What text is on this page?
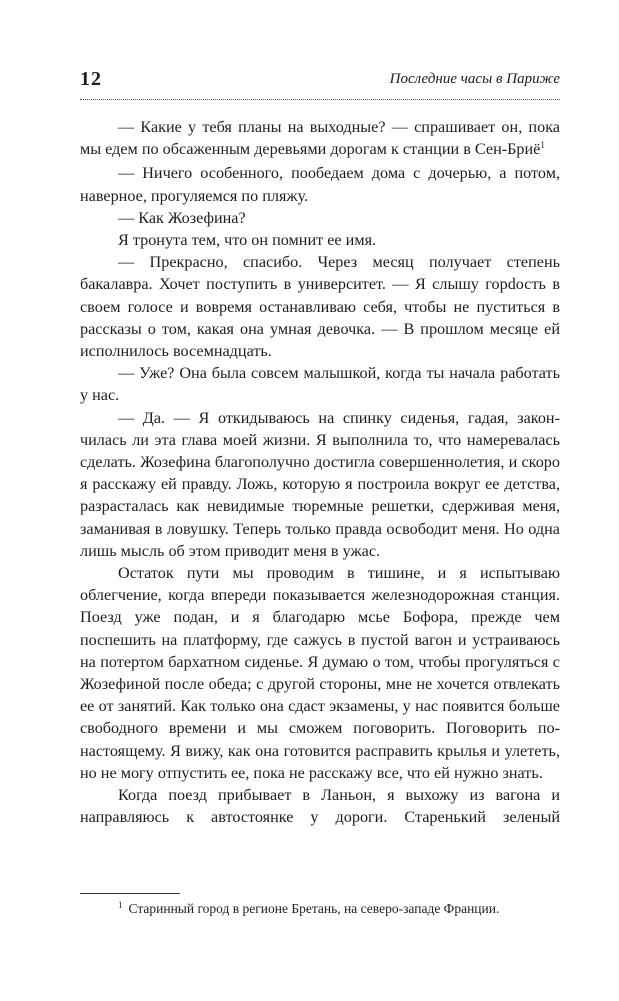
12	Последние часы в Париже

— Какие у тебя планы на выходные? — спрашивает он, пока мы едем по обсаженным деревьями дорогам к станции в Сен-Бриё$^1$

— Ничего особенного, пообедаем дома с дочерью, а потом, наверное, прогуляемся по пляжу.

— Как Жозефина?

Я тронута тем, что он помнит ее имя.

— Прекрасно, спасибо. Через месяц получает степень бакалавра. Хочет поступить в университет. — Я слышу горdость в своем голосе и вовремя останавливаю себя, чтобы не пуститься в рассказы о том, какая она умная девочка. — В прошлом месяце ей исполнилось восемнадцать.

— Уже? Она была совсем малышкой, когда ты начала работать у нас.

— Да. — Я откидываюсь на спинку сиденья, гадая, закончилась ли эта глава моей жизни. Я выполнила то, что намеревалась сделать. Жозефина благополучно достигла совершеннолетия, и скоро я расскажу ей правду. Ложь, которую я построила вокруг ее детства, разрасталась как невидимые тюремные решетки, сдерживая меня, заманивая в ловушку. Теперь только правда освободит меня. Но одна лишь мысль об этом приводит меня в ужас.

Остаток пути мы проводим в тишине, и я испытываю облегчение, когда впереди показывается железнодорожная станция. Поезд уже подан, и я благодарю мсье Бофора, прежде чем поспешить на платформу, где сажусь в пустой вагон и устраиваюсь на потертом бархатном сиденье. Я думаю о том, чтобы прогуляться с Жозефиной после обеда; с другой стороны, мне не хочется отвлекать ее от занятий. Как только она сдаст экзамены, у нас появится больше свободного времени и мы сможем поговорить. Поговорить по-настоящему. Я вижу, как она готовится расправить крылья и улететь, но не могу отпустить ее, пока не расскажу все, что ей нужно знать.

Когда поезд прибывает в Ланьон, я выхожу из вагона и направляюсь к автостоянке у дороги. Старенький зеленый

$^1$ Старинный город в регионе Бретань, на северо-западе Франции.
